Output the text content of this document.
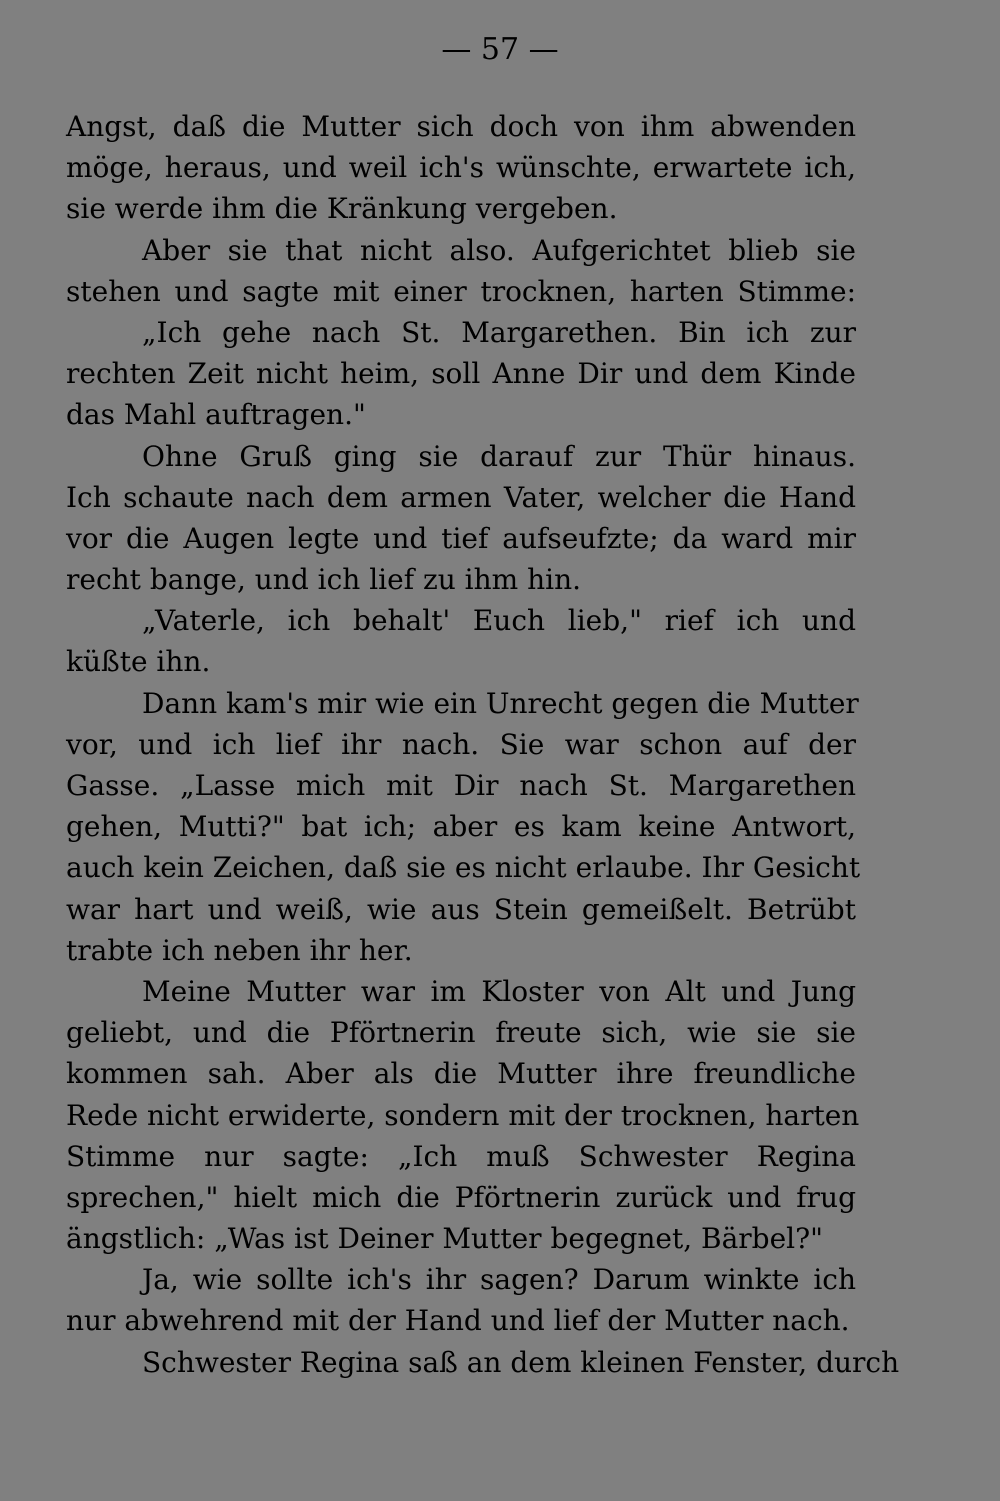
— 57 —
Angst, daß die Mutter sich doch von ihm abwenden
möge, heraus, und weil ich's wünschte, erwartete ich,
sie werde ihm die Kränkung vergeben.
Aber sie that nicht also. Aufgerichtet blieb sie
stehen und sagte mit einer trocknen, harten Stimme:
„Ich gehe nach St. Margarethen. Bin ich zur
rechten Zeit nicht heim, soll Anne Dir und dem Kinde
das Mahl auftragen."
Ohne Gruß ging sie darauf zur Thür hinaus.
Ich schaute nach dem armen Vater, welcher die Hand
vor die Augen legte und tief aufseufzte; da ward mir
recht bange, und ich lief zu ihm hin.
„Vaterle, ich behalt' Euch lieb," rief ich und
küßte ihn.
Dann kam's mir wie ein Unrecht gegen die Mutter
vor, und ich lief ihr nach. Sie war schon auf der
Gasse. „Lasse mich mit Dir nach St. Margarethen
gehen, Mutti?" bat ich; aber es kam keine Antwort,
auch kein Zeichen, daß sie es nicht erlaube. Ihr Gesicht
war hart und weiß, wie aus Stein gemeißelt. Betrübt
trabte ich neben ihr her.
Meine Mutter war im Kloster von Alt und Jung
geliebt, und die Pförtnerin freute sich, wie sie sie
kommen sah. Aber als die Mutter ihre freundliche
Rede nicht erwiderte, sondern mit der trocknen, harten
Stimme nur sagte: „Ich muß Schwester Regina
sprechen," hielt mich die Pförtnerin zurück und frug
ängstlich: „Was ist Deiner Mutter begegnet, Bärbel?"
Ja, wie sollte ich's ihr sagen? Darum winkte ich
nur abwehrend mit der Hand und lief der Mutter nach.
Schwester Regina saß an dem kleinen Fenster, durch
